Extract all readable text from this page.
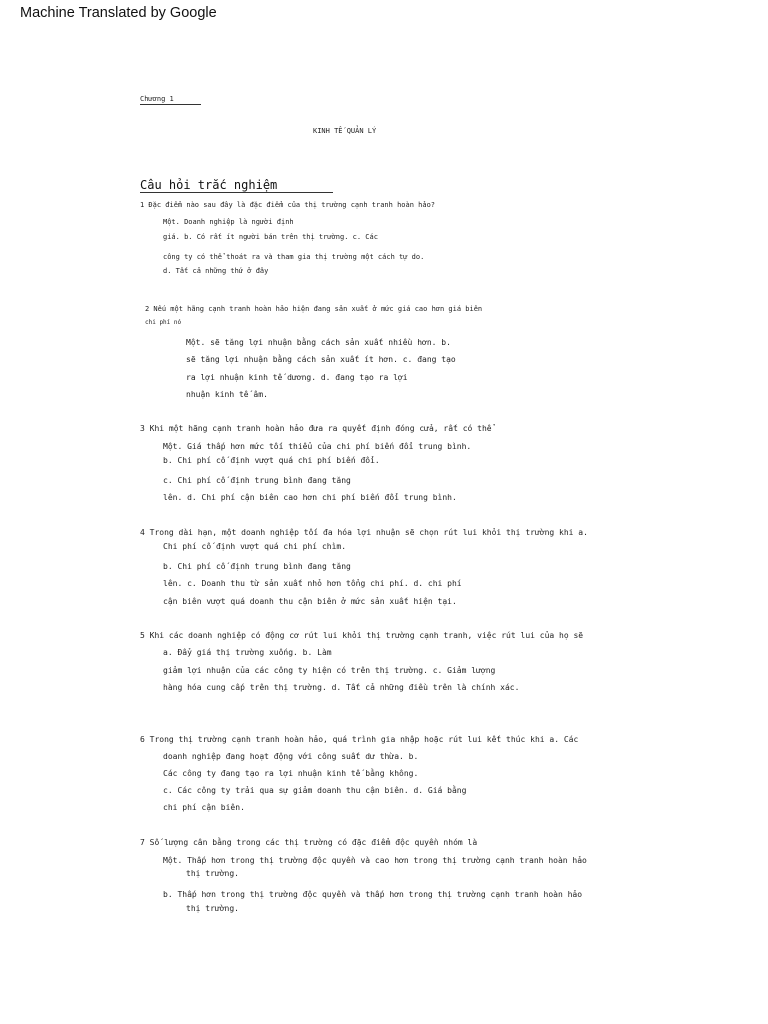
Machine Translated by Google
Chương 1
KINH TẾ QUẢN LÝ
Câu hỏi trắc nghiệm
1 Đặc điểm nào sau đây là đặc điểm của thị trường cạnh tranh hoàn hảo?
Một. Doanh nghiệp là người định
giá. b. Có rất ít người bán trên thị trường. c. Các
công ty có thể thoát ra và tham gia thị trường một cách tự do.
d. Tất cả những thứ ở đây
2 Nếu một hãng cạnh tranh hoàn hảo hiện đang sản xuất ở mức giá cao hơn giá biên
chi phí nó
Một. sẽ tăng lợi nhuận bằng cách sản xuất nhiều hơn. b.
sẽ tăng lợi nhuận bằng cách sản xuất ít hơn. c. đang tạo
ra lợi nhuận kinh tế dương. d. đang tạo ra lợi
nhuận kinh tế âm.
3 Khi một hãng cạnh tranh hoàn hảo đưa ra quyết định đóng cửa, rất có thể
Một. Giá thấp hơn mức tối thiểu của chi phí biến đổi trung bình.
b. Chi phí cố định vượt quá chi phí biến đổi.
c. Chi phí cố định trung bình đang tăng
lên. d. Chi phí cận biên cao hơn chi phí biến đổi trung bình.
4 Trong dài hạn, một doanh nghiệp tối đa hóa lợi nhuận sẽ chọn rút lui khỏi thị trường khi a.
Chi phí cố định vượt quá chi phí chìm.
b. Chi phí cố định trung bình đang tăng
lên. c. Doanh thu từ sản xuất nhỏ hơn tổng chi phí. d. chi phí
cận biên vượt quá doanh thu cận biên ở mức sản xuất hiện tại.
5 Khi các doanh nghiệp có động cơ rút lui khỏi thị trường cạnh tranh, việc rút lui của họ sẽ
a. Đẩy giá thị trường xuống. b. Làm
giảm lợi nhuận của các công ty hiện có trên thị trường. c. Giảm lượng
hàng hóa cung cấp trên thị trường. d. Tất cả những điều trên là chính xác.
6 Trong thị trường cạnh tranh hoàn hảo, quá trình gia nhập hoặc rút lui kết thúc khi a. Các
doanh nghiệp đang hoạt động với công suất dư thừa. b.
Các công ty đang tạo ra lợi nhuận kinh tế bằng không.
c. Các công ty trải qua sự giảm doanh thu cận biên. d. Giá bằng
chi phí cận biên.
7 Số lượng cân bằng trong các thị trường có đặc điểm độc quyền nhóm là
Một. Thấp hơn trong thị trường độc quyền và cao hơn trong thị trường cạnh tranh hoàn hảo
thị trường.
b. Thấp hơn trong thị trường độc quyền và thấp hơn trong thị trường cạnh tranh hoàn hảo
thị trường.
